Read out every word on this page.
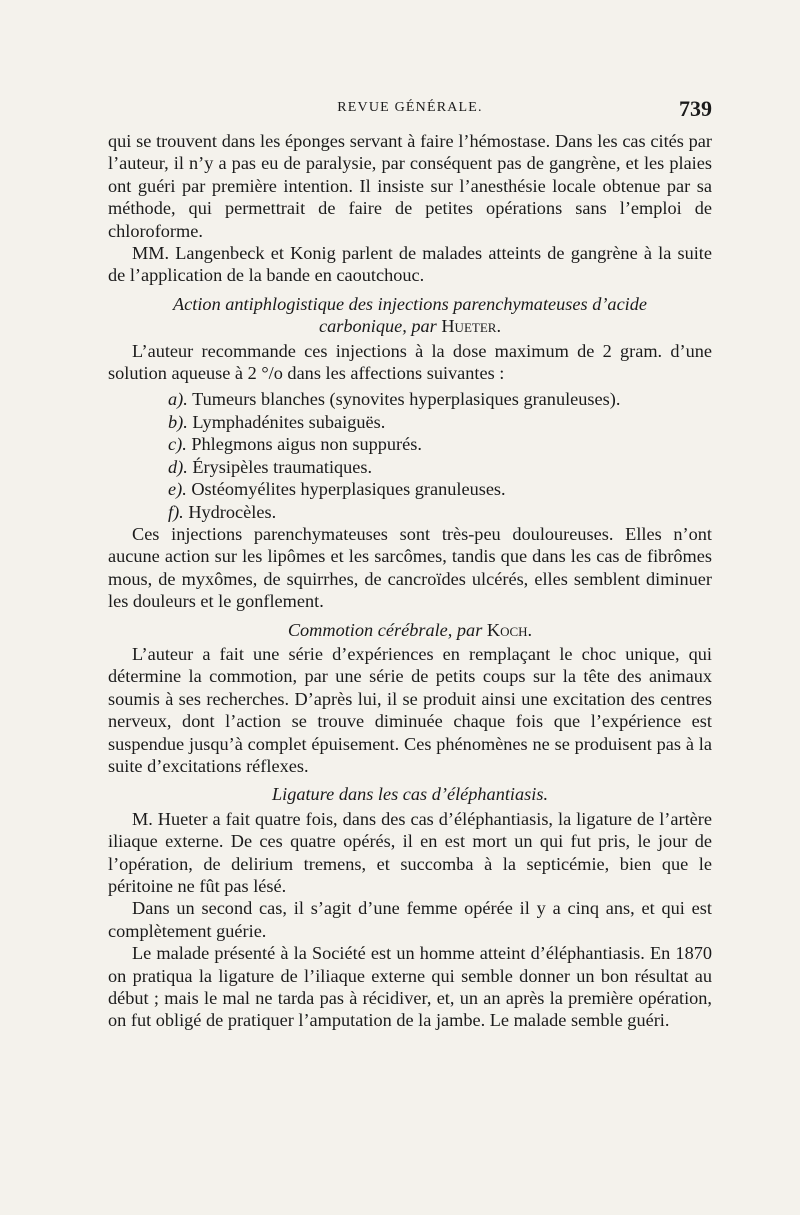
REVUE GÉNÉRALE.	739

qui se trouvent dans les éponges servant à faire l’hémostase. Dans les cas cités par l’auteur, il n’y a pas eu de paralysie, par conséquent pas de gangrène, et les plaies ont guéri par première intention. Il insiste sur l’anesthésie locale obtenue par sa méthode, qui permettrait de faire de petites opérations sans l’emploi de chloroforme.

MM. Langenbeck et Konig parlent de malades atteints de gangrène à la suite de l’application de la bande en caoutchouc.

Action antiphlogistique des injections parenchymateuses d’acide carbonique, par Hueter.

L’auteur recommande ces injections à la dose maximum de 2 gram. d’une solution aqueuse à 2 °/o dans les affections suivantes :

a). Tumeurs blanches (synovites hyperplasiques granuleuses).
b). Lymphadénites subaiguës.
c). Phlegmons aigus non suppurés.
d). Érysipèles traumatiques.
e). Ostéomyélites hyperplasiques granuleuses.
f). Hydrocèles.

Ces injections parenchymateuses sont très-peu douloureuses. Elles n’ont aucune action sur les lipômes et les sarcômes, tandis que dans les cas de fibrômes mous, de myxômes, de squirrhes, de cancroïdes ulcérés, elles semblent diminuer les douleurs et le gonflement.

Commotion cérébrale, par Koch.

L’auteur a fait une série d’expériences en remplaçant le choc unique, qui détermine la commotion, par une série de petits coups sur la tête des animaux soumis à ses recherches. D’après lui, il se produit ainsi une excitation des centres nerveux, dont l’action se trouve diminuée chaque fois que l’expérience est suspendue jusqu’à complet épuisement. Ces phénomènes ne se produisent pas à la suite d’excitations réflexes.

Ligature dans les cas d’éléphantiasis.

M. Hueter a fait quatre fois, dans des cas d’éléphantiasis, la ligature de l’artère iliaque externe. De ces quatre opérés, il en est mort un qui fut pris, le jour de l’opération, de delirium tremens, et succomba à la septicémie, bien que le péritoine ne fût pas lésé.

Dans un second cas, il s’agit d’une femme opérée il y a cinq ans, et qui est complètement guérie.

Le malade présenté à la Société est un homme atteint d’éléphantiasis. En 1870 on pratiqua la ligature de l’iliaque externe qui semble donner un bon résultat au début ; mais le mal ne tarda pas à récidiver, et, un an après la première opération, on fut obligé de pratiquer l’amputation de la jambe. Le malade semble guéri.
